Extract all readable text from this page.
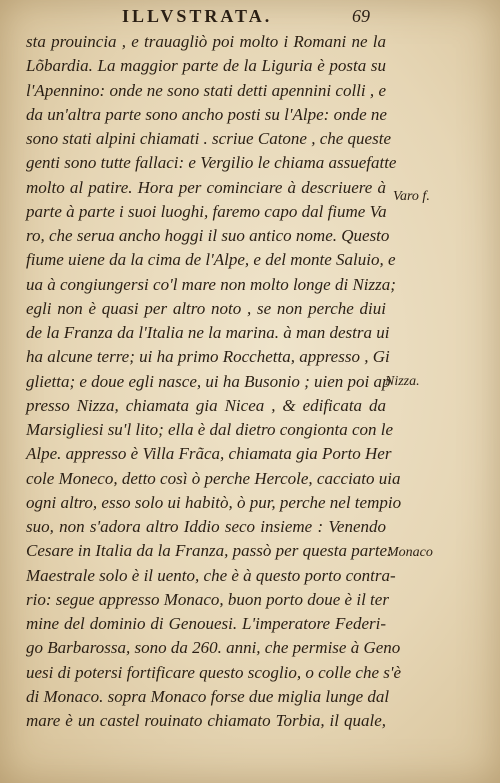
ILLVSTRATA.	69
sta prouincia , e trauagliò poi molto i Romani ne la
Lõbardia. La maggior parte de la Liguria è posta su
l'Apennino: onde ne sono stati detti apennini colli , e
da un'altra parte sono ancho posti su l'Alpe: onde ne
sono stati alpini chiamati . scriue Catone , che queste
genti sono tutte fallaci: e Vergilio le chiama assuefatte
molto al patire. Hora per cominciare à descriuere à
parte à parte i suoi luoghi, faremo capo dal fiume Va
ro, che serua ancho hoggi il suo antico nome. Questo
fiume uiene da la cima de l'Alpe, e del monte Saluio, e
ua à congiungersi co'l mare non molto longe di Nizza;
egli non è quasi per altro noto , se non perche diui
de la Franza da l'Italia ne la marina. à man destra ui
ha alcune terre; ui ha primo Rocchetta, appresso , Gi
glietta; e doue egli nasce, ui ha Busonio ; uien poi ap
presso Nizza, chiamata gia Nicea , & edificata da
Marsigliesi su'l lito; ella è dal dietro congionta con le
Alpe. appresso è Villa Frãca, chiamata gia Porto Her
cole Moneco, detto così ò perche Hercole, cacciato uia
ogni altro, esso solo ui habitò, ò pur, perche nel tempio
suo, non s'adora altro Iddio seco insieme : Venendo
Cesare in Italia da la Franza, passò per questa parte:
Maestrale solo è il uento, che è à questo porto contra-
rio: segue appresso Monaco, buon porto doue è il ter
mine del dominio di Genouesi. L'imperatore Federi-
go Barbarossa, sono da 260. anni, che permise à Geno
uesi di potersi fortificare questo scoglio, o colle che s'è
di Monaco. sopra Monaco forse due miglia lunge dal
mare è un castel rouinato chiamato Torbia, il quale,
Varo f.
Nizza.
Monaco
